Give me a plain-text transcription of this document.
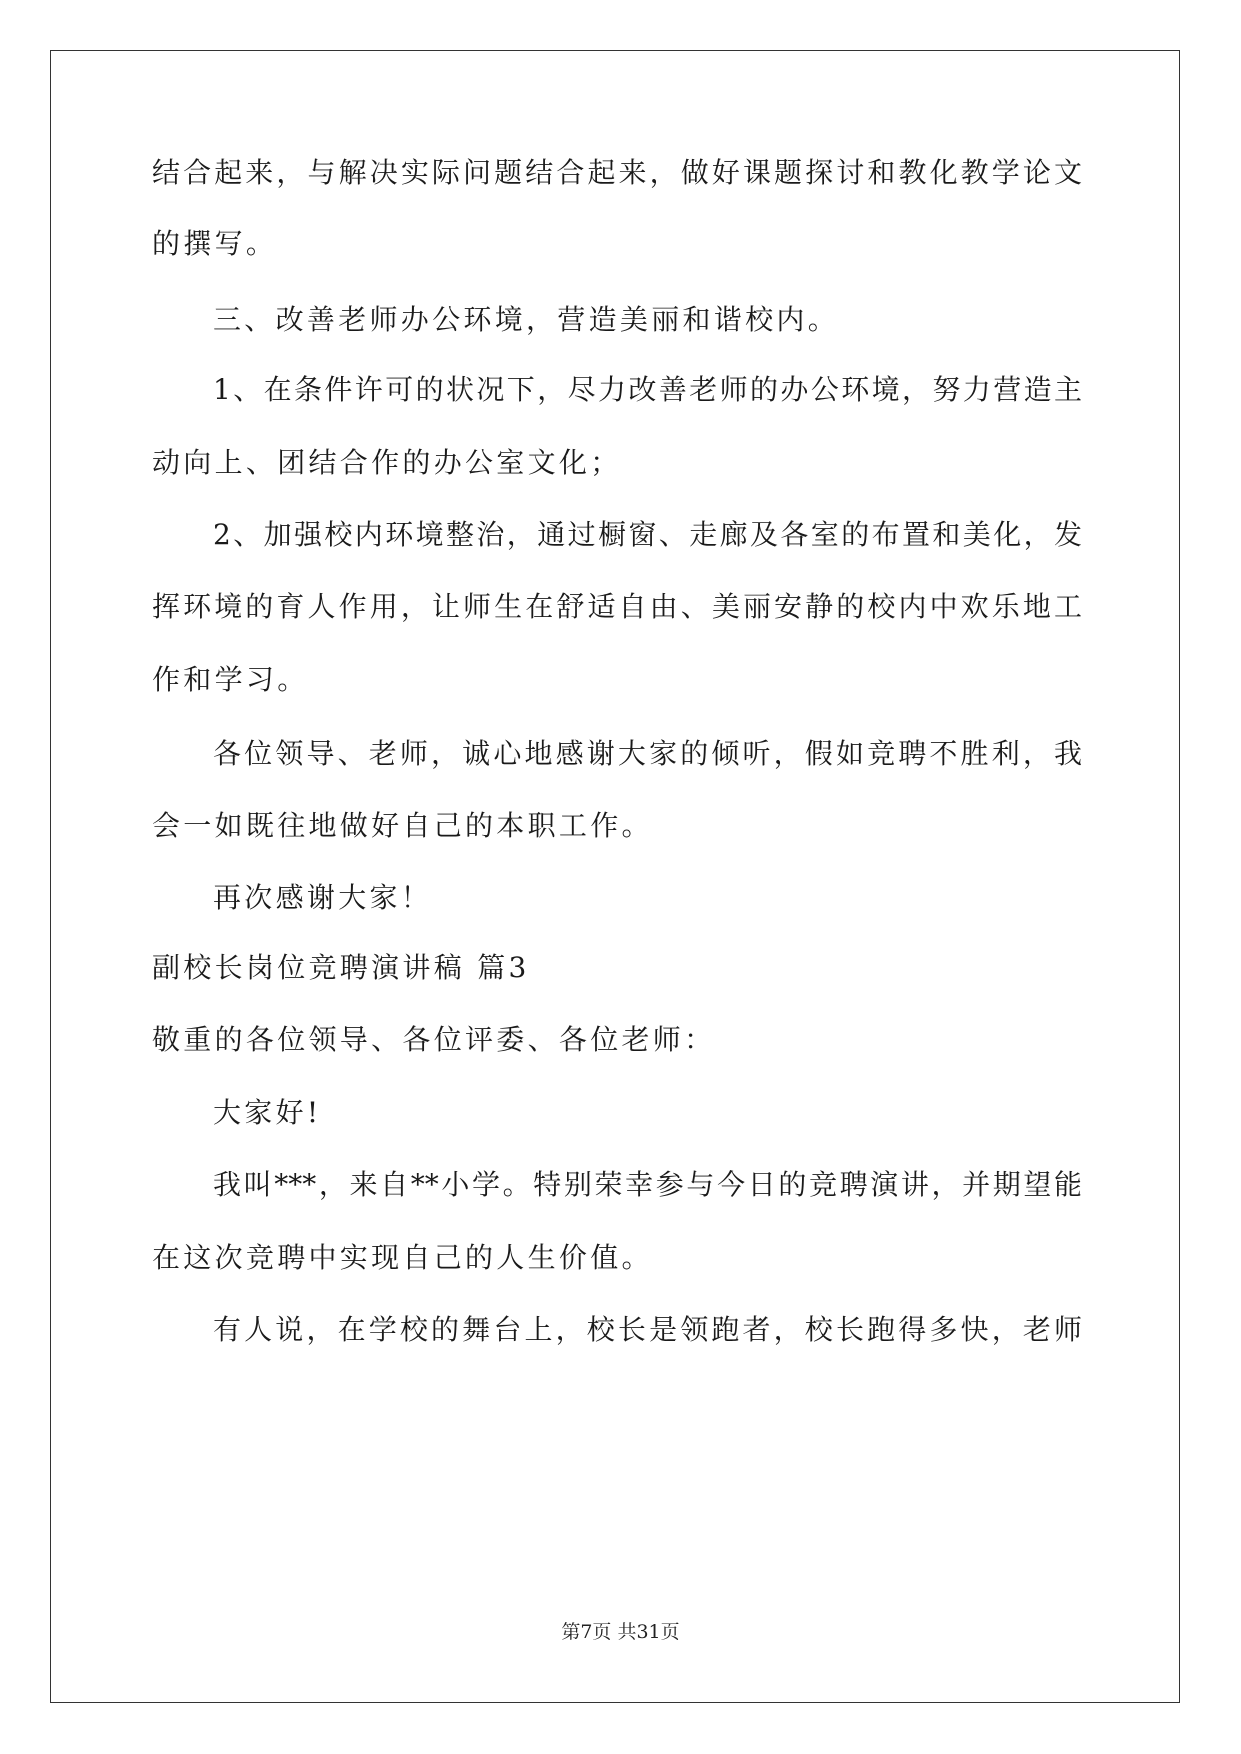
结合起来，与解决实际问题结合起来，做好课题探讨和教化教学论文
的撰写。
三、改善老师办公环境，营造美丽和谐校内。
1、在条件许可的状况下，尽力改善老师的办公环境，努力营造主
动向上、团结合作的办公室文化；
2、加强校内环境整治，通过橱窗、走廊及各室的布置和美化，发
挥环境的育人作用，让师生在舒适自由、美丽安静的校内中欢乐地工
作和学习。
各位领导、老师，诚心地感谢大家的倾听，假如竞聘不胜利，我
会一如既往地做好自己的本职工作。
再次感谢大家！
副校长岗位竞聘演讲稿 篇3
敬重的各位领导、各位评委、各位老师：
大家好!
我叫***，来自**小学。特别荣幸参与今日的竞聘演讲，并期望能
在这次竞聘中实现自己的人生价值。
有人说，在学校的舞台上，校长是领跑者，校长跑得多快，老师
第7页 共31页
